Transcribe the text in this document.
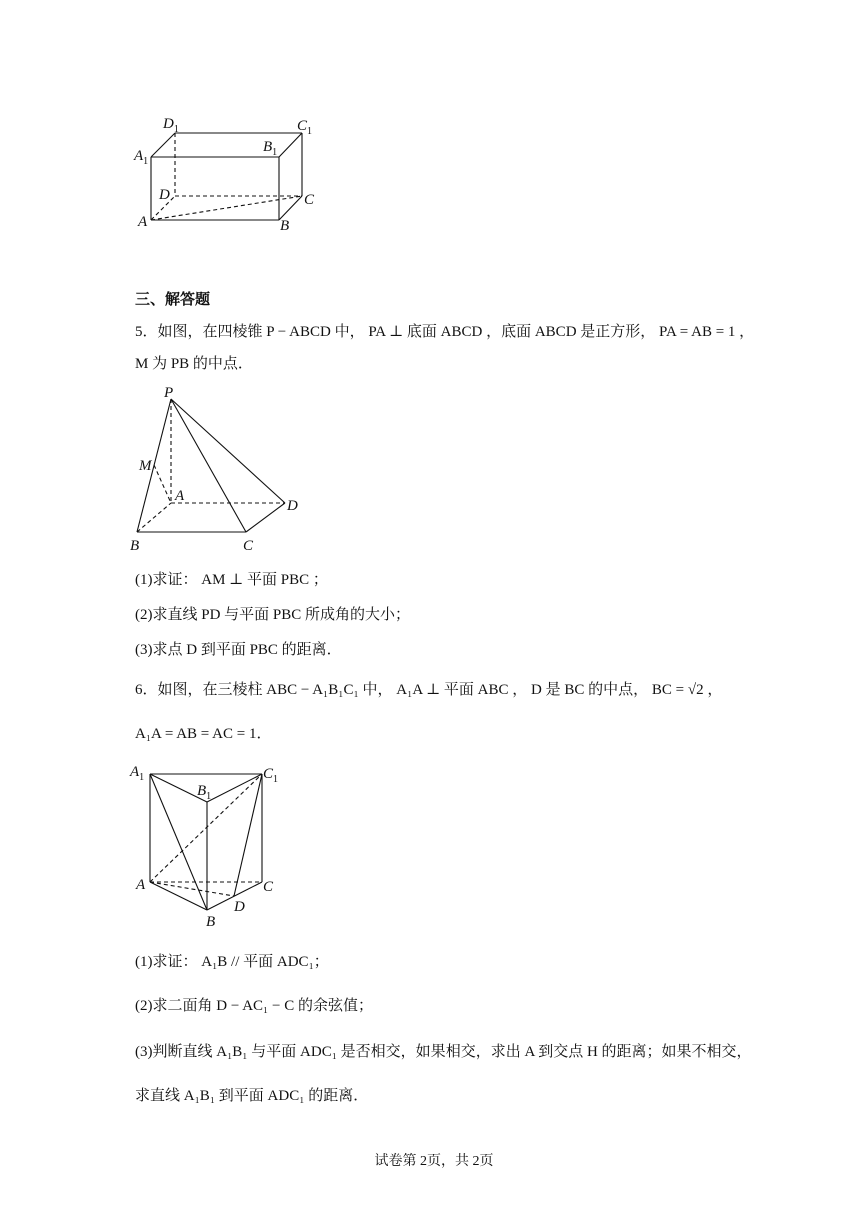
$D_1$	$C_1$
$A_1$
$B_1$
D	C
A	B
三、解答题
5．如图，在四棱锥 P − ABCD 中， PA ⊥ 底面 ABCD ，底面 ABCD 是正方形， PA = AB = 1 ，
M 为 PB 的中点．
P
M
A
D
B	C
(1)求证： AM ⊥ 平面 PBC ；
(2)求直线 PD 与平面 PBC 所成角的大小；
(3)求点 D 到平面 PBC 的距离．
6．如图，在三棱柱 ABC − A₁B₁C₁ 中， A₁A ⊥ 平面 ABC ， D 是 BC 的中点， BC = √2 ，
A₁A = AB = AC = 1．
$A_1$
$B_1$
$C_1$
A	C
D
B
(1)求证： A₁B // 平面 ADC₁；
(2)求二面角 D − AC₁ − C 的余弦值；
(3)判断直线 A₁B₁ 与平面 ADC₁ 是否相交，如果相交，求出 A 到交点 H 的距离；如果不相交，
求直线 A₁B₁ 到平面 ADC₁ 的距离．
试卷第 2页，共 2页
